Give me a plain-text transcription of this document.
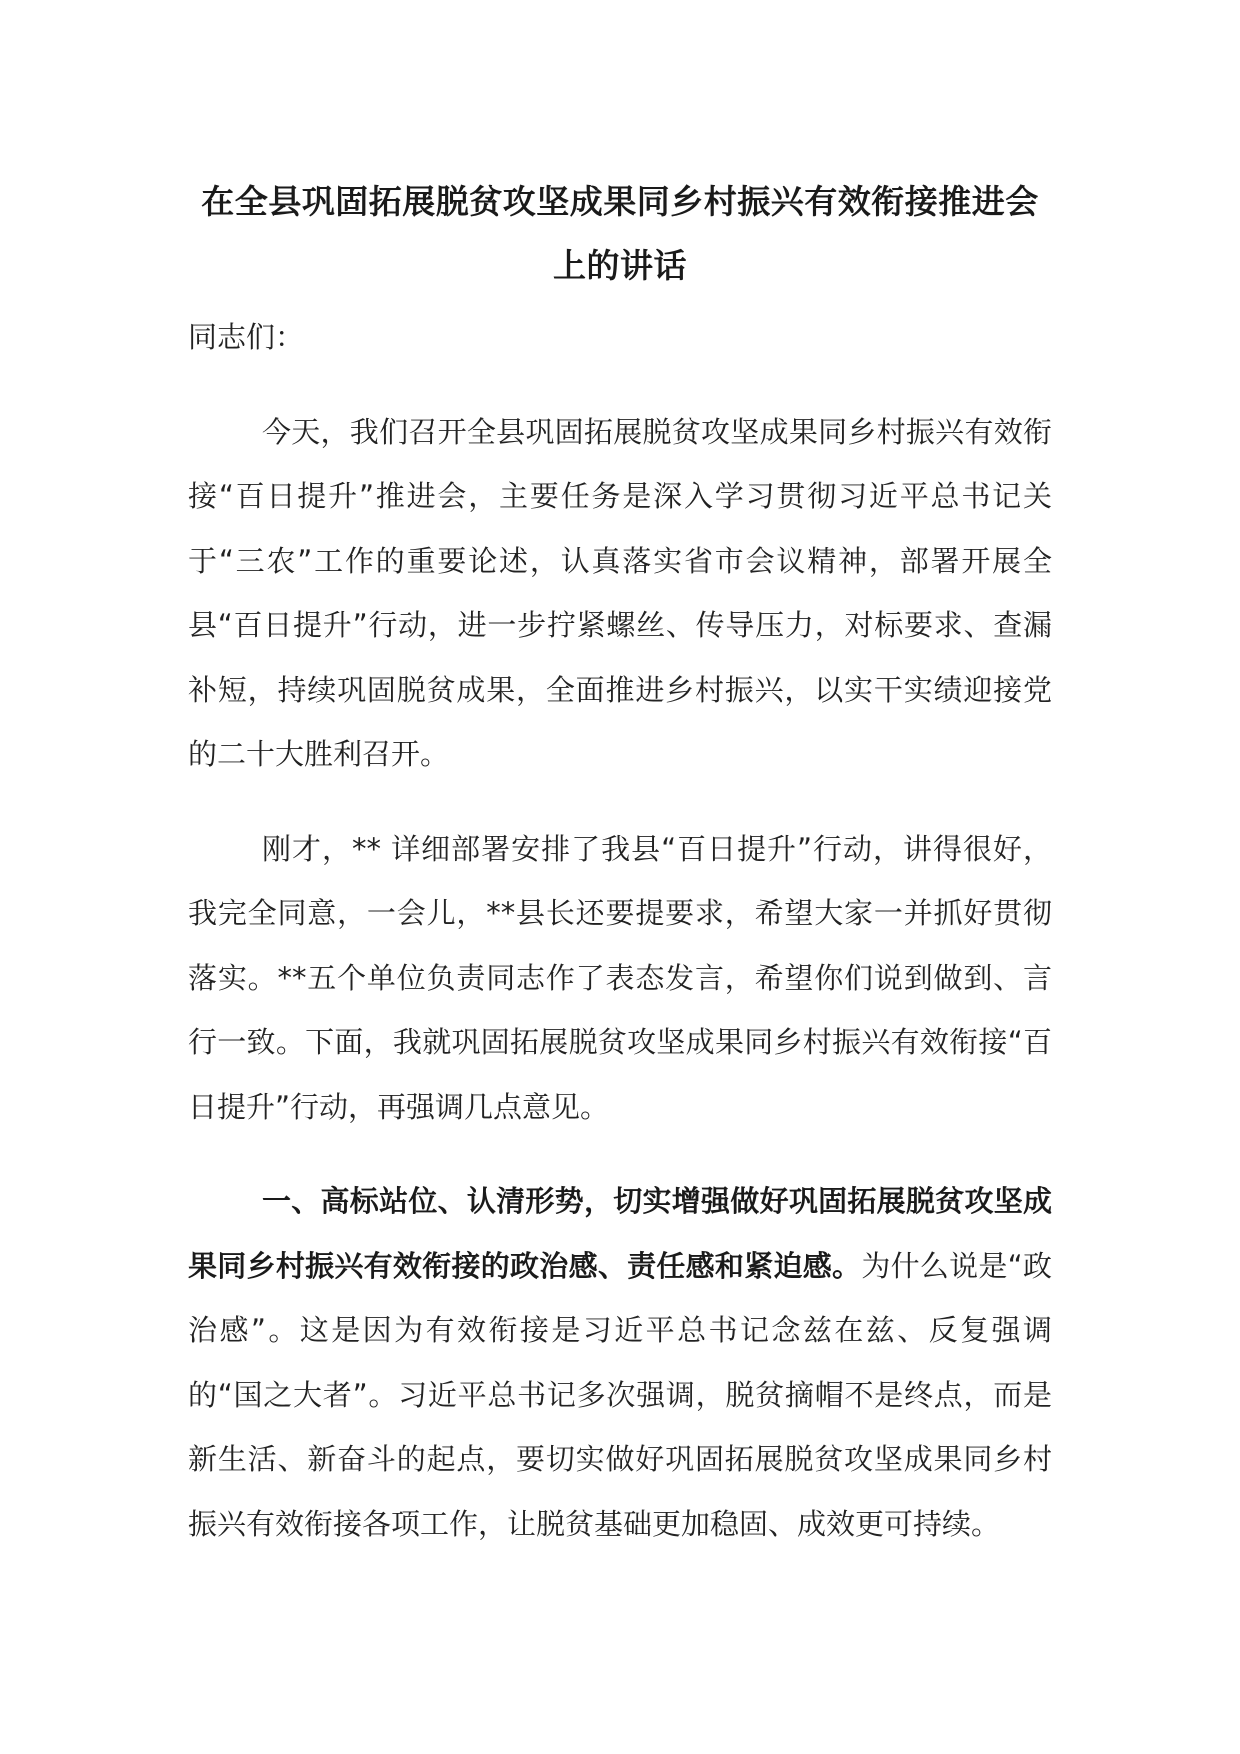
在全县巩固拓展脱贫攻坚成果同乡村振兴有效衔接推进会
上的讲话

同志们：

今天，我们召开全县巩固拓展脱贫攻坚成果同乡村振兴有效衔接“百日提升”推进会，主要任务是深入学习贯彻习近平总书记关于“三农”工作的重要论述，认真落实省市会议精神，部署开展全县“百日提升”行动，进一步拧紧螺丝、传导压力，对标要求、查漏补短，持续巩固脱贫成果，全面推进乡村振兴，以实干实绩迎接党的二十大胜利召开。

刚才，** 详细部署安排了我县“百日提升”行动，讲得很好，我完全同意，一会儿，**县长还要提要求，希望大家一并抓好贯彻落实。**五个单位负责同志作了表态发言，希望你们说到做到、言行一致。下面，我就巩固拓展脱贫攻坚成果同乡村振兴有效衔接“百日提升”行动，再强调几点意见。

一、高标站位、认清形势，切实增强做好巩固拓展脱贫攻坚成果同乡村振兴有效衔接的政治感、责任感和紧迫感。为什么说是“政治感”。这是因为有效衔接是习近平总书记念兹在兹、反复强调的“国之大者”。习近平总书记多次强调，脱贫摘帽不是终点，而是新生活、新奋斗的起点，要切实做好巩固拓展脱贫攻坚成果同乡村振兴有效衔接各项工作，让脱贫基础更加稳固、成效更可持续。
